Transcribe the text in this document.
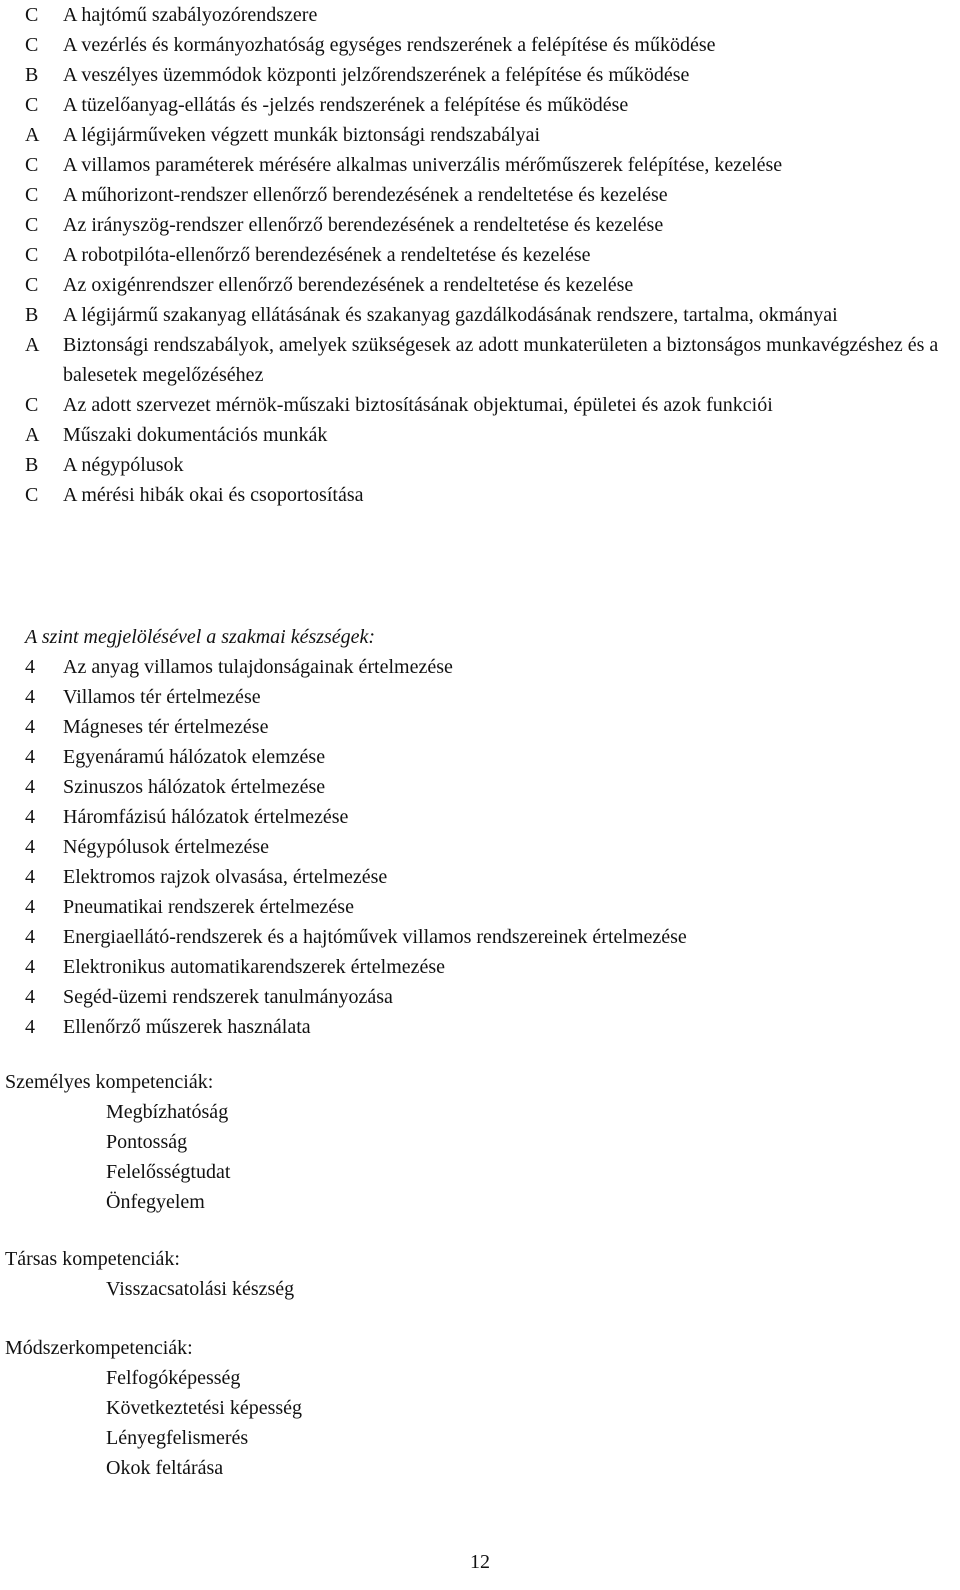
C	A hajtómű szabályozórendszere
C	A vezérlés és kormányozhatóság egységes rendszerének a felépítése és működése
B	A veszélyes üzemmódok központi jelzőrendszerének a felépítése és működése
C	A tüzelőanyag-ellátás és -jelzés rendszerének a felépítése és működése
A	A légijárműveken végzett munkák biztonsági rendszabályai
C	A villamos paraméterek mérésére alkalmas univerzális mérőműszerek felépítése, kezelése
C	A műhorizont-rendszer ellenőrző berendezésének a rendeltetése és kezelése
C	Az irányszög-rendszer ellenőrző berendezésének a rendeltetése és kezelése
C	A robotpilóta-ellenőrző berendezésének a rendeltetése és kezelése
C	Az oxigénrendszer ellenőrző berendezésének a rendeltetése és kezelése
B	A légijármű szakanyag ellátásának és szakanyag gazdálkodásának rendszere, tartalma, okmányai
A	Biztonsági rendszabályok, amelyek szükségesek az adott munkaterületen a biztonságos munkavégzéshez és a balesetek megelőzéséhez
C	Az adott szervezet mérnök-műszaki biztosításának objektumai, épületei és azok funkciói
A	Műszaki dokumentációs munkák
B	A négypólusok
C	A mérési hibák okai és csoportosítása
A szint megjelölésével a szakmai készségek:
4	Az anyag villamos tulajdonságainak értelmezése
4	Villamos tér értelmezése
4	Mágneses tér értelmezése
4	Egyenáramú hálózatok elemzése
4	Szinuszos hálózatok értelmezése
4	Háromfázisú hálózatok értelmezése
4	Négypólusok értelmezése
4	Elektromos rajzok olvasása, értelmezése
4	Pneumatikai rendszerek értelmezése
4	Energiaellátó-rendszerek és a hajtóművek villamos rendszereinek értelmezése
4	Elektronikus automatikarendszerek értelmezése
4	Segéd-üzemi rendszerek tanulmányozása
4	Ellenőrző műszerek használata
Személyes kompetenciák:
Megbízhatóság
Pontosság
Felelősségtudat
Önfegyelem
Társas kompetenciák:
Visszacsatolási készség
Módszerkompetenciák:
Felfogóképesség
Következtetési képesség
Lényegfelismerés
Okok feltárása
12
